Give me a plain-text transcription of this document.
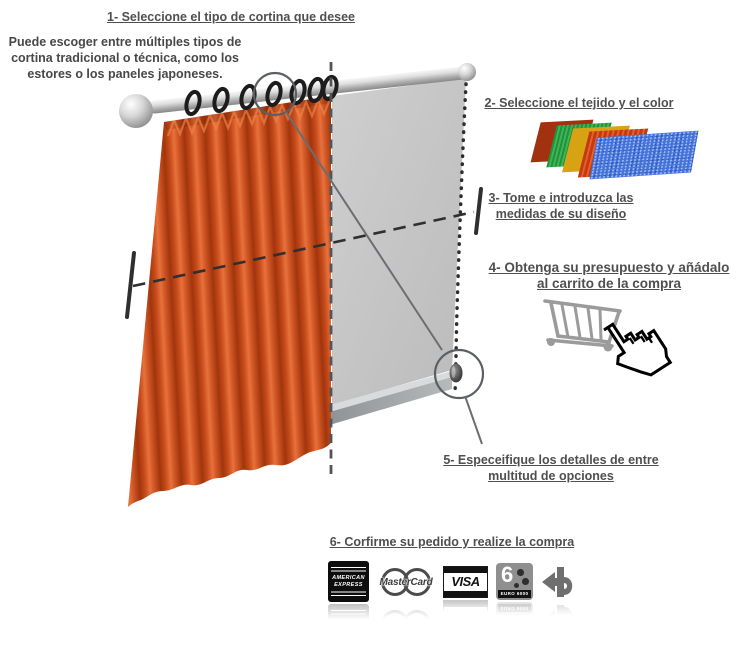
1- Seleccione el tipo de cortina que desee
Puede escoger entre múltiples tipos de
cortina tradicional o técnica, como los
estores o los paneles japoneses.
2- Seleccione el tejido y el color
3- Tome e introduzca las
medidas de su diseño
4- Obtenga su presupuesto y añádalo
al carrito de la compra
5- Especeifique los detalles de entre
multitud de opciones
6- Corfirme su pedido y realize la compra
AMERICAN
EXPRESS MasterCard	VISA 6
EURO 6000
